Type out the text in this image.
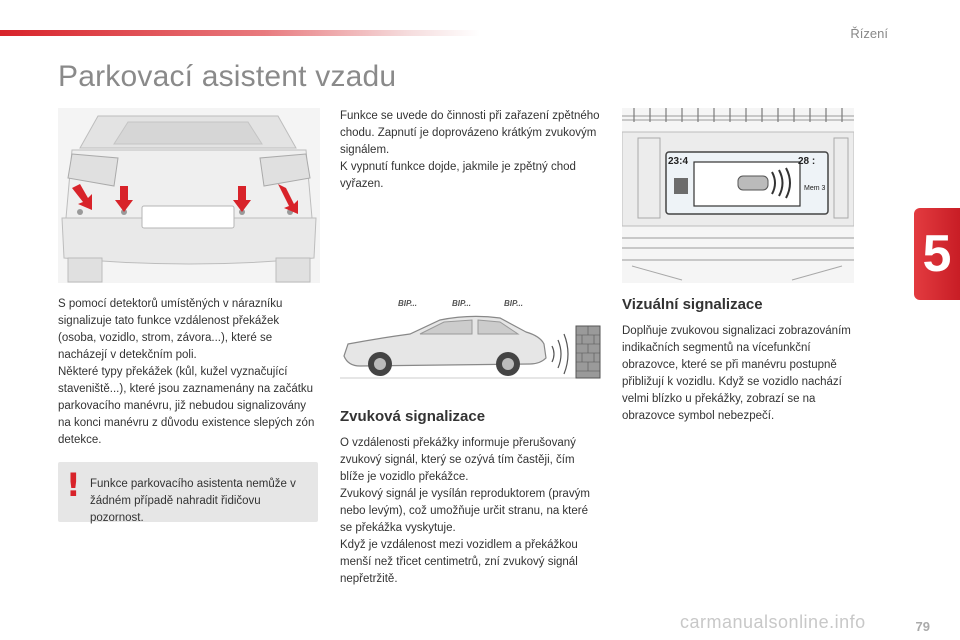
Řízení
5
Parkovací asistent vzadu

Funkce se uvede do činnosti při zařazení zpětného chodu. Zapnutí je doprovázeno krátkým zvukovým signálem.
K vypnutí funkce dojde, jakmile je zpětný chod vyřazen.

23:4	28 :
Mem 3

S pomocí detektorů umístěných v nárazníku signalizuje tato funkce vzdálenost překážek (osoba, vozidlo, strom, závora...), které se nacházejí v detekčním poli.
Některé typy překážek (kůl, kužel vyznačující staveniště...), které jsou zaznamenány na začátku parkovacího manévru, již nebudou signalizovány na konci manévru z důvodu existence slepých zón detekce.

! Funkce parkovacího asistenta nemůže v žádném případě nahradit řidičovu pozornost.
BIP...	BIP...	BIP...
Zvuková signalizace

O vzdálenosti překážky informuje přerušovaný zvukový signál, který se ozývá tím častěji, čím blíže je vozidlo překážce.
Zvukový signál je vysílán reproduktorem (pravým nebo levým), což umožňuje určit stranu, na které se překážka vyskytuje.
Když je vzdálenost mezi vozidlem a překážkou menší než třicet centimetrů, zní zvukový signál nepřetržitě.

Vizuální signalizace

Doplňuje zvukovou signalizaci zobrazováním indikačních segmentů na vícefunkční obrazovce, které se při manévru postupně přibližují k vozidlu. Když se vozidlo nachází velmi blízko u překážky, zobrazí se na obrazovce symbol nebezpečí.

carmanualsonline.info	79
